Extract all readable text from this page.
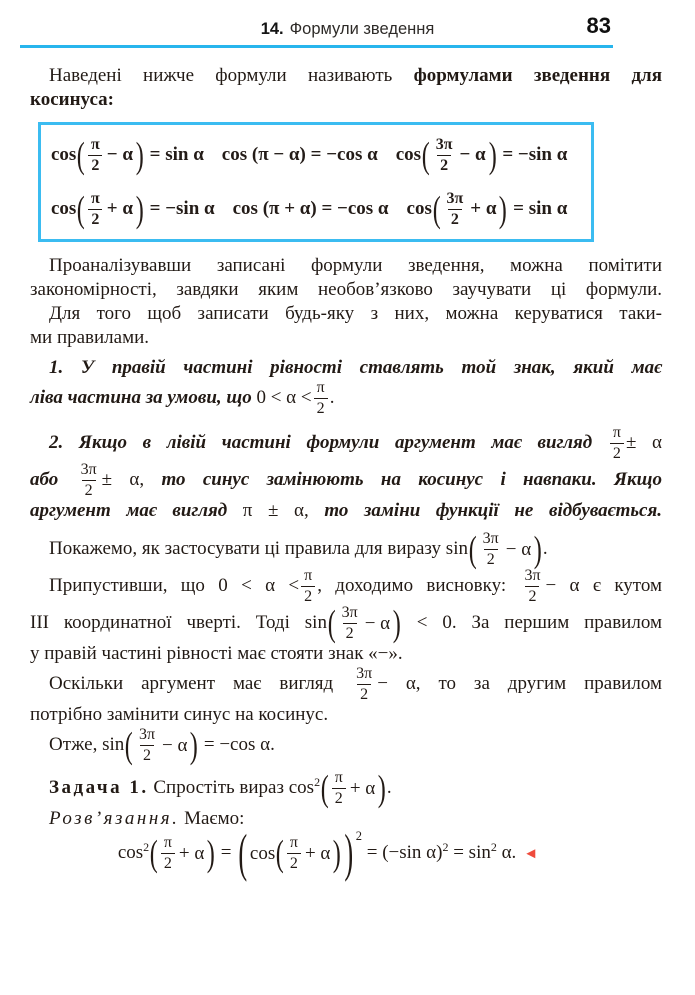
14. Формули зведення	83
Наведені нижче формули називають формулами зведення для
косинуса:
cos ( $\frac{\pi}{2} - \alpha$ ) = sin α cos (π − α) = −cos α cos ( $\frac{3\pi}{2} - \alpha$ ) = −sin α
cos ( $\frac{\pi}{2} + \alpha$ ) = −sin α cos (π + α) = −cos α cos ( $\frac{3\pi}{2} + \alpha$ ) = sin α
Проаналізувавши записані формули зведення, можна помітити
закономірності, завдяки яким необов’язково заучувати ці формули.
Для того щоб записати будь-яку з них, можна керуватися таки-
ми правилами.
1. У правій частині рівності ставлять той знак, який має
ліва частина за умови, що $0 < \alpha < \frac{\pi}{2}$ .
2. Якщо в лівій частині формули аргумент має вигляд $\frac{\pi}{2} \pm \alpha$
або $\frac{3\pi}{2} \pm \alpha$, то синус замінюють на косинус і навпаки. Якщо
аргумент має вигляд π ± α, то заміни функції не відбувається.
Покажемо, як застосувати ці правила для виразу sin ( $\frac{3\pi}{2} - \alpha$ ) .
Припустивши, що $0 < \alpha < \frac{\pi}{2}$ , доходимо висновку: $\frac{3\pi}{2} - \alpha$ є кутом
III координатної чверті. Тоді sin ( $\frac{3\pi}{2} - \alpha$ ) < 0. За першим правилом
у правій частині рівності має стояти знак «−».
Оскільки аргумент має вигляд $\frac{3\pi}{2} - \alpha$, то за другим правилом
потрібно замінити синус на косинус.
Отже, sin ( $\frac{3\pi}{2} - \alpha$ ) = −cos α.
Задача 1. Спростіть вираз $\cos^2$ ( $\frac{\pi}{2} + \alpha$ ) .
Розв’язання. Маємо:
$\cos^2$ ( $\frac{\pi}{2} + \alpha$ ) = ( cos ( $\frac{\pi}{2} + \alpha$ ) ) $^2$ = (−sin $\alpha)^2 = \sin^2 \alpha$. ◄
